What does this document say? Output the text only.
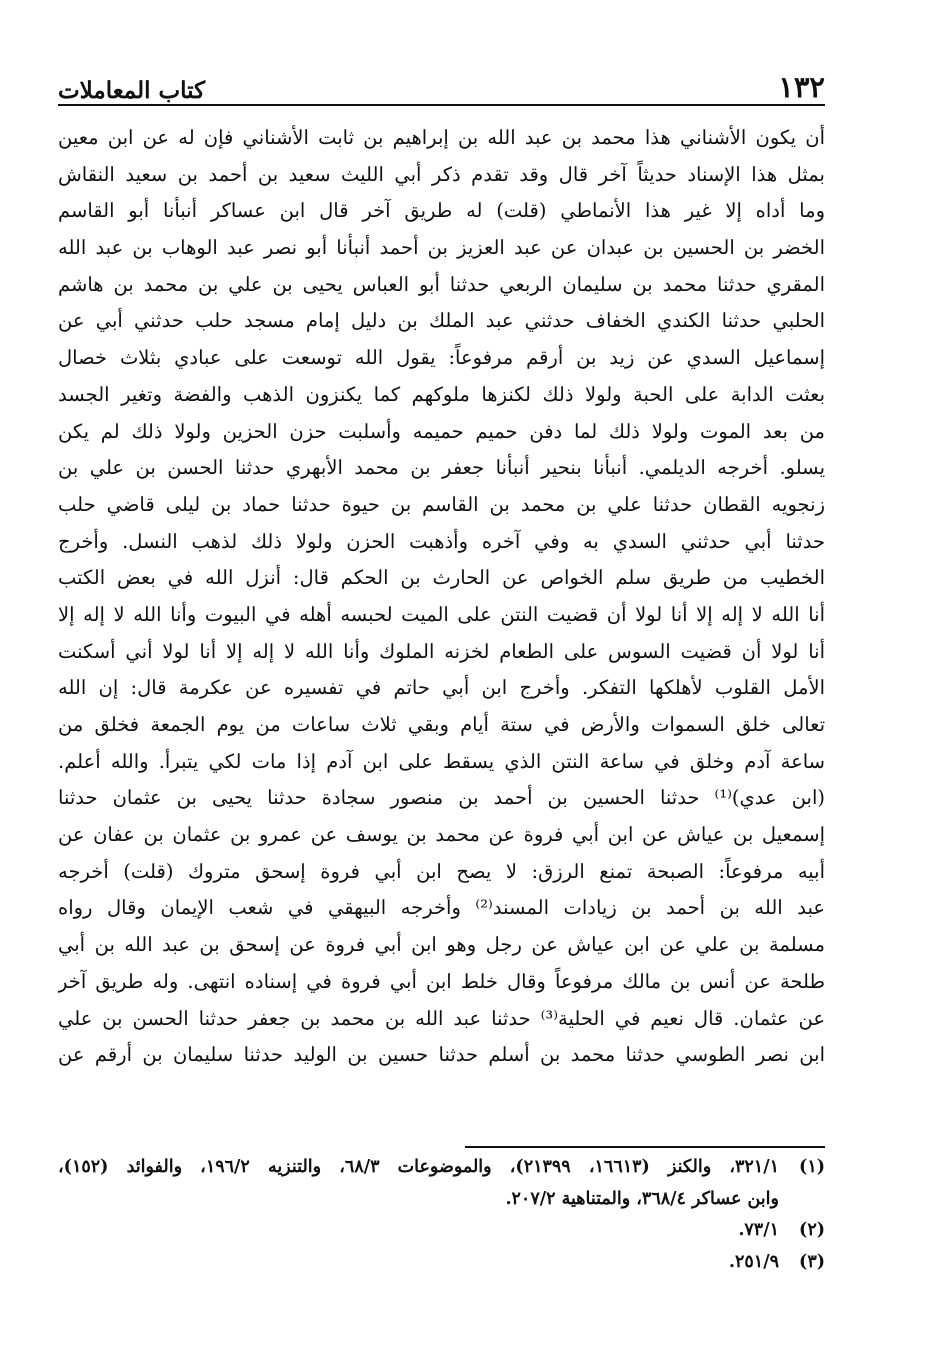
١٣٢
كتاب المعاملات
أن يكون الأشناني هذا محمد بن عبد الله بن إبراهيم بن ثابت الأشناني فإن له عن ابن معين
بمثل هذا الإسناد حديثاً آخر قال وقد تقدم ذكر أبي الليث سعيد بن أحمد بن سعيد النقاش
وما أداه إلا غير هذا الأنماطي (قلت) له طريق آخر قال ابن عساكر أنبأنا أبو القاسم
الخضر بن الحسين بن عبدان عن عبد العزيز بن أحمد أنبأنا أبو نصر عبد الوهاب بن عبد الله
المقري حدثنا محمد بن سليمان الربعي حدثنا أبو العباس يحيى بن علي بن محمد بن هاشم
الحلبي حدثنا الكندي الخفاف حدثني عبد الملك بن دليل إمام مسجد حلب حدثني أبي عن
إسماعيل السدي عن زيد بن أرقم مرفوعاً: يقول الله توسعت على عبادي بثلاث خصال
بعثت الدابة على الحبة ولولا ذلك لكنزها ملوكهم كما يكنزون الذهب والفضة وتغير الجسد
من بعد الموت ولولا ذلك لما دفن حميم حميمه وأسلبت حزن الحزين ولولا ذلك لم يكن
يسلو. أخرجه الديلمي. أنبأنا بنحير أنبأنا جعفر بن محمد الأبهري حدثنا الحسن بن علي بن
زنجويه القطان حدثنا علي بن محمد بن القاسم بن حيوة حدثنا حماد بن ليلى قاضي حلب
حدثنا أبي حدثني السدي به وفي آخره وأذهبت الحزن ولولا ذلك لذهب النسل. وأخرج
الخطيب من طريق سلم الخواص عن الحارث بن الحكم قال: أنزل الله في بعض الكتب
أنا الله لا إله إلا أنا لولا أن قضيت النتن على الميت لحبسه أهله في البيوت وأنا الله لا إله إلا
أنا لولا أن قضيت السوس على الطعام لخزنه الملوك وأنا الله لا إله إلا أنا لولا أني أسكنت
الأمل القلوب لأهلكها التفكر. وأخرج ابن أبي حاتم في تفسيره عن عكرمة قال: إن الله
تعالى خلق السموات والأرض في ستة أيام وبقي ثلاث ساعات من يوم الجمعة فخلق من
ساعة آدم وخلق في ساعة النتن الذي يسقط على ابن آدم إذا مات لكي يتبرأ. والله أعلم.
(ابن عدي)⁽¹⁾ حدثنا الحسين بن أحمد بن منصور سجادة حدثنا يحيى بن عثمان حدثنا
إسمعيل بن عياش عن ابن أبي فروة عن محمد بن يوسف عن عمرو بن عثمان بن عفان عن
أبيه مرفوعاً: الصبحة تمنع الرزق: لا يصح ابن أبي فروة إسحق متروك (قلت) أخرجه
عبد الله بن أحمد بن زيادات المسند⁽²⁾ وأخرجه البيهقي في شعب الإيمان وقال رواه
مسلمة بن علي عن ابن عياش عن رجل وهو ابن أبي فروة عن إسحق بن عبد الله بن أبي
طلحة عن أنس بن مالك مرفوعاً وقال خلط ابن أبي فروة في إسناده انتهى. وله طريق آخر
عن عثمان. قال نعيم في الحلية⁽³⁾ حدثنا عبد الله بن محمد بن جعفر حدثنا الحسن بن علي
ابن نصر الطوسي حدثنا محمد بن أسلم حدثنا حسين بن الوليد حدثنا سليمان بن أرقم عن
(١)
٣٢١/١، والكنز (١٦٦١٣، ٢١٣٩٩)، والموضوعات ٦٨/٣، والتنزيه ١٩٦/٢، والفوائد (١٥٢)،
وابن عساكر ٣٦٨/٤، والمتناهية ٢٠٧/٢.
(٢)
٧٣/١.
(٣)
٢٥١/٩.
